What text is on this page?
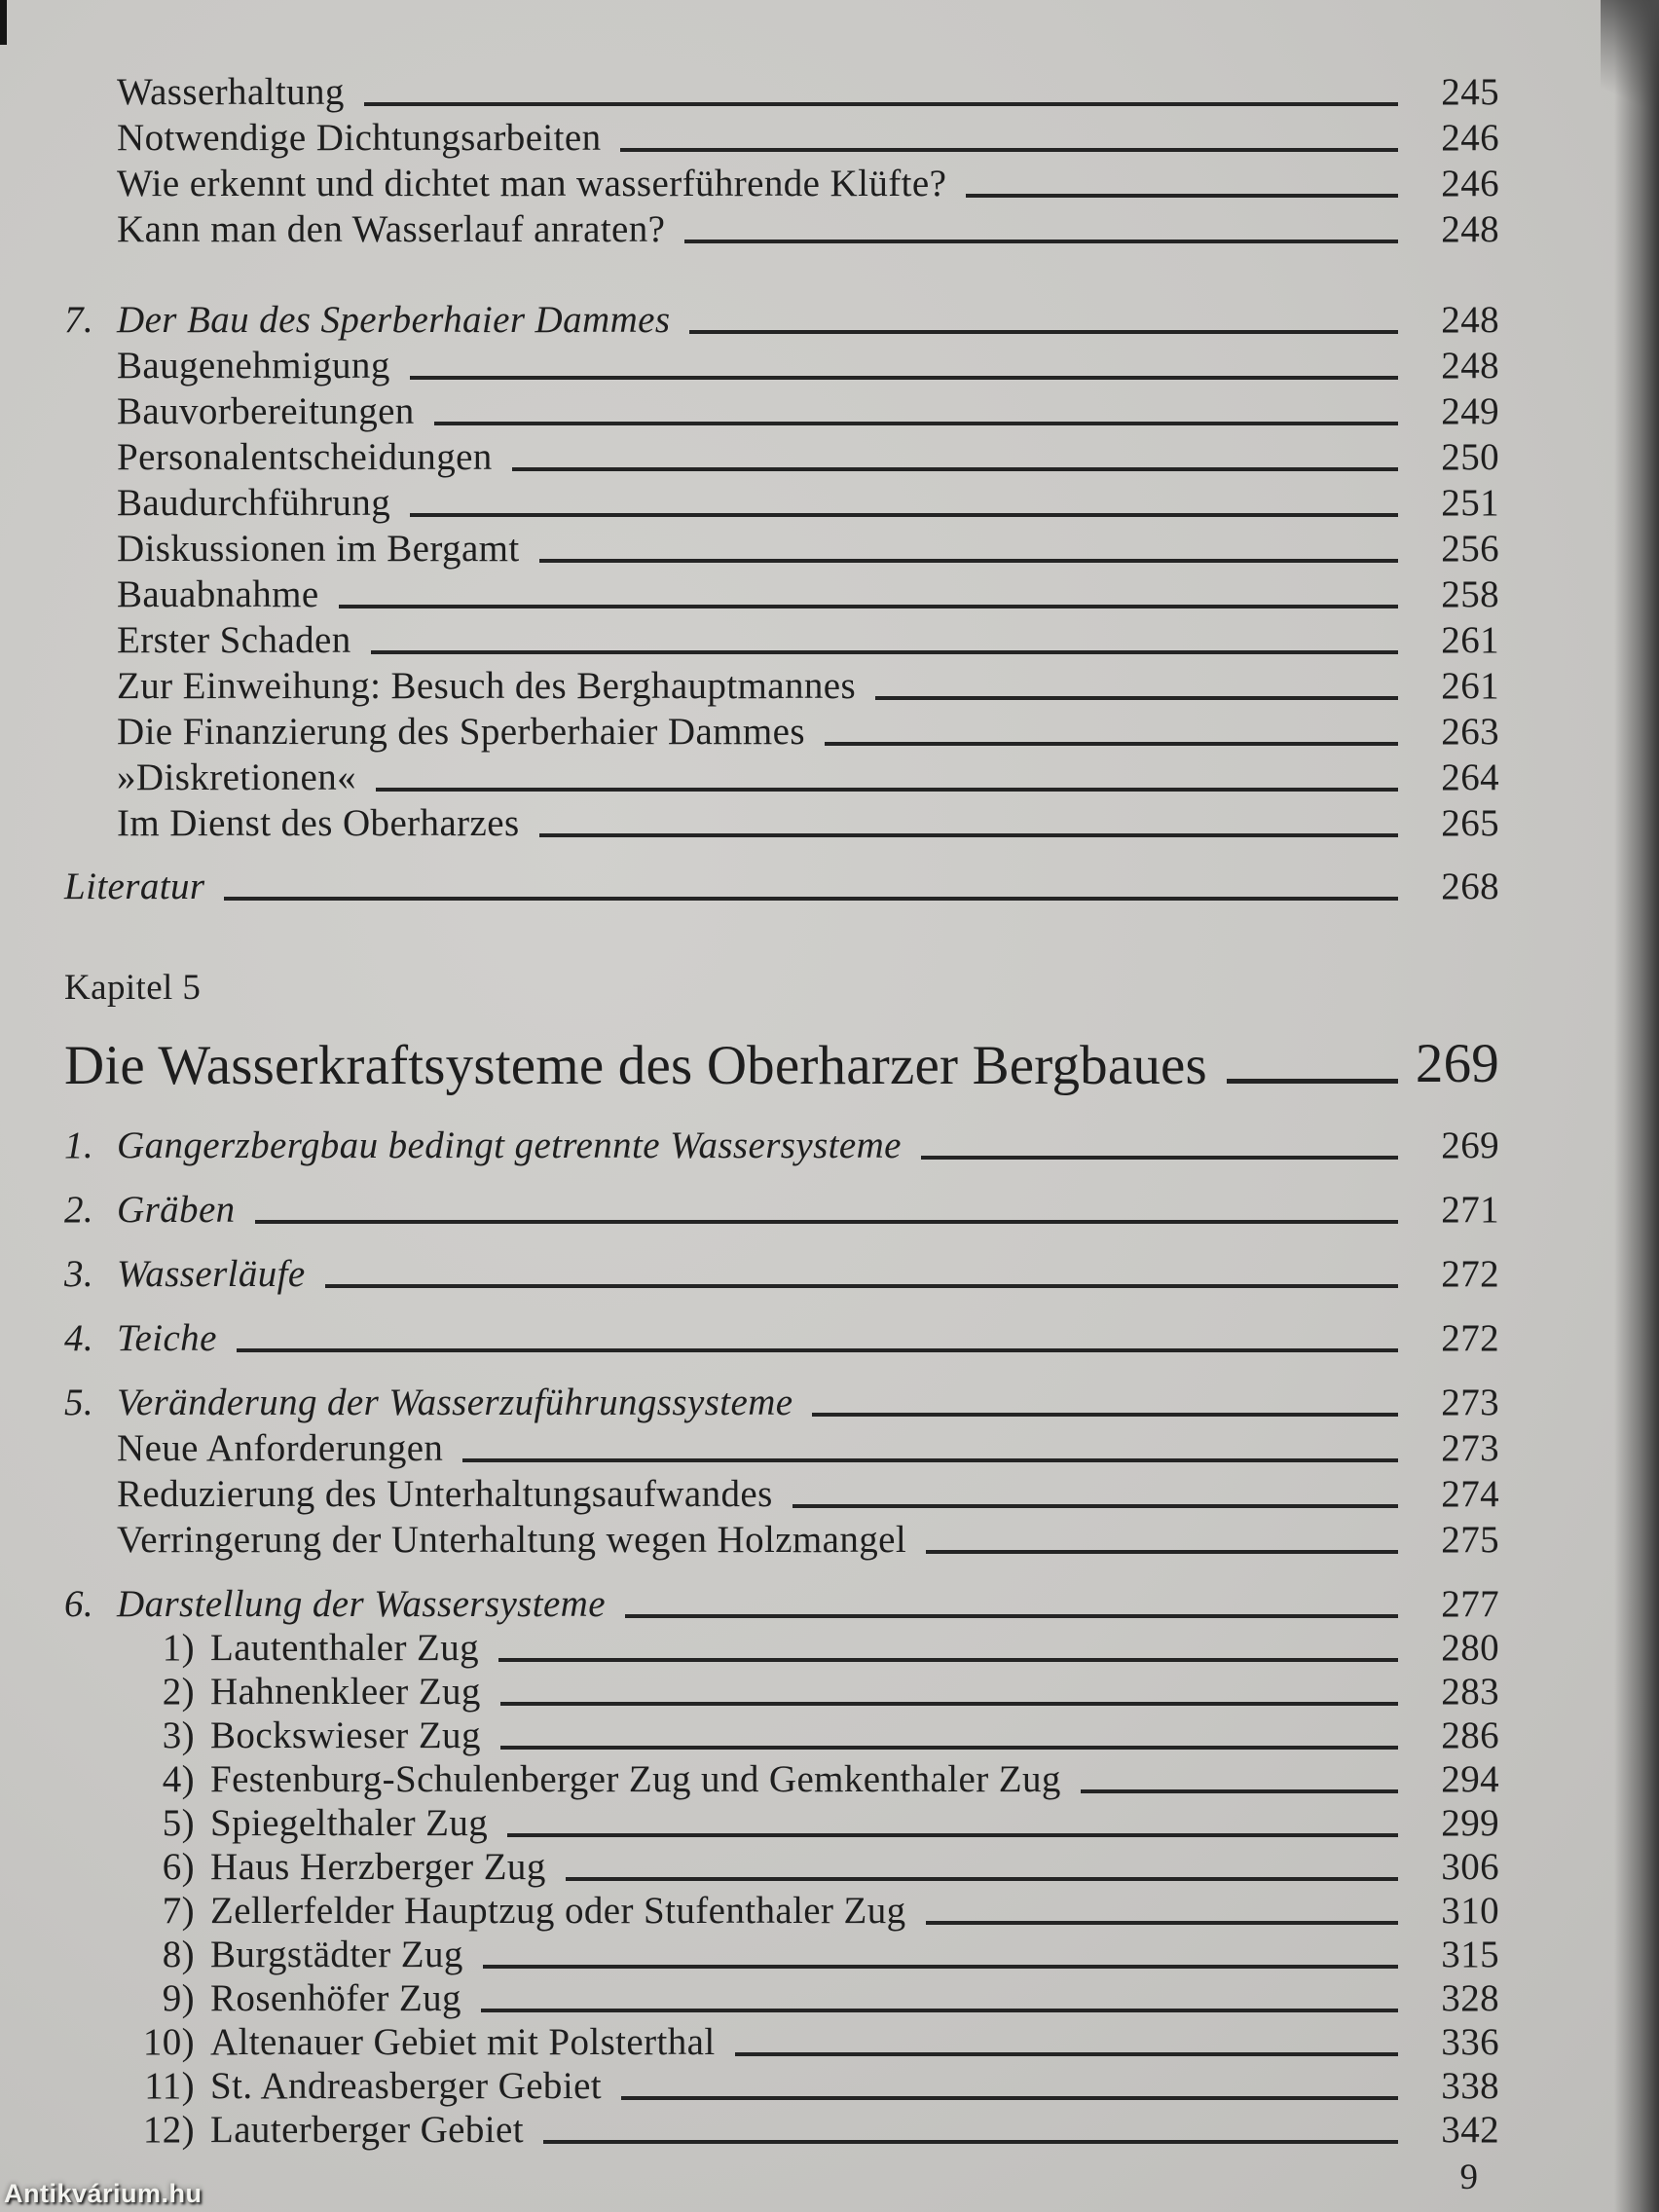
Wasserhaltung	245
Notwendige Dichtungsarbeiten	246
Wie erkennt und dichtet man wasserführende Klüfte?	246
Kann man den Wasserlauf anraten?	248
7. Der Bau des Sperberhaier Dammes	248
Baugenehmigung	248
Bauvorbereitungen	249
Personalentscheidungen	250
Baudurchführung	251
Diskussionen im Bergamt	256
Bauabnahme	258
Erster Schaden	261
Zur Einweihung: Besuch des Berghauptmannes	261
Die Finanzierung des Sperberhaier Dammes	263
»Diskretionen«	264
Im Dienst des Oberharzes	265
Literatur	268
Kapitel 5
Die Wasserkraftsysteme des Oberharzer Bergbaues	269
1. Gangerzbergbau bedingt getrennte Wassersysteme	269
2. Gräben	271
3. Wasserläufe	272
4. Teiche	272
5. Veränderung der Wasserzuführungssysteme	273
Neue Anforderungen	273
Reduzierung des Unterhaltungsaufwandes	274
Verringerung der Unterhaltung wegen Holzmangel	275
6. Darstellung der Wassersysteme	277
1) Lautenthaler Zug	280
2) Hahnenkleer Zug	283
3) Bockswieser Zug	286
4) Festenburg-Schulenberger Zug und Gemkenthaler Zug	294
5) Spiegelthaler Zug	299
6) Haus Herzberger Zug	306
7) Zellerfelder Hauptzug oder Stufenthaler Zug	310
8) Burgstädter Zug	315
9) Rosenhöfer Zug	328
10) Altenauer Gebiet mit Polsterthal	336
11) St. Andreasberger Gebiet	338
12) Lauterberger Gebiet	342
9
Antikvárium.hu
